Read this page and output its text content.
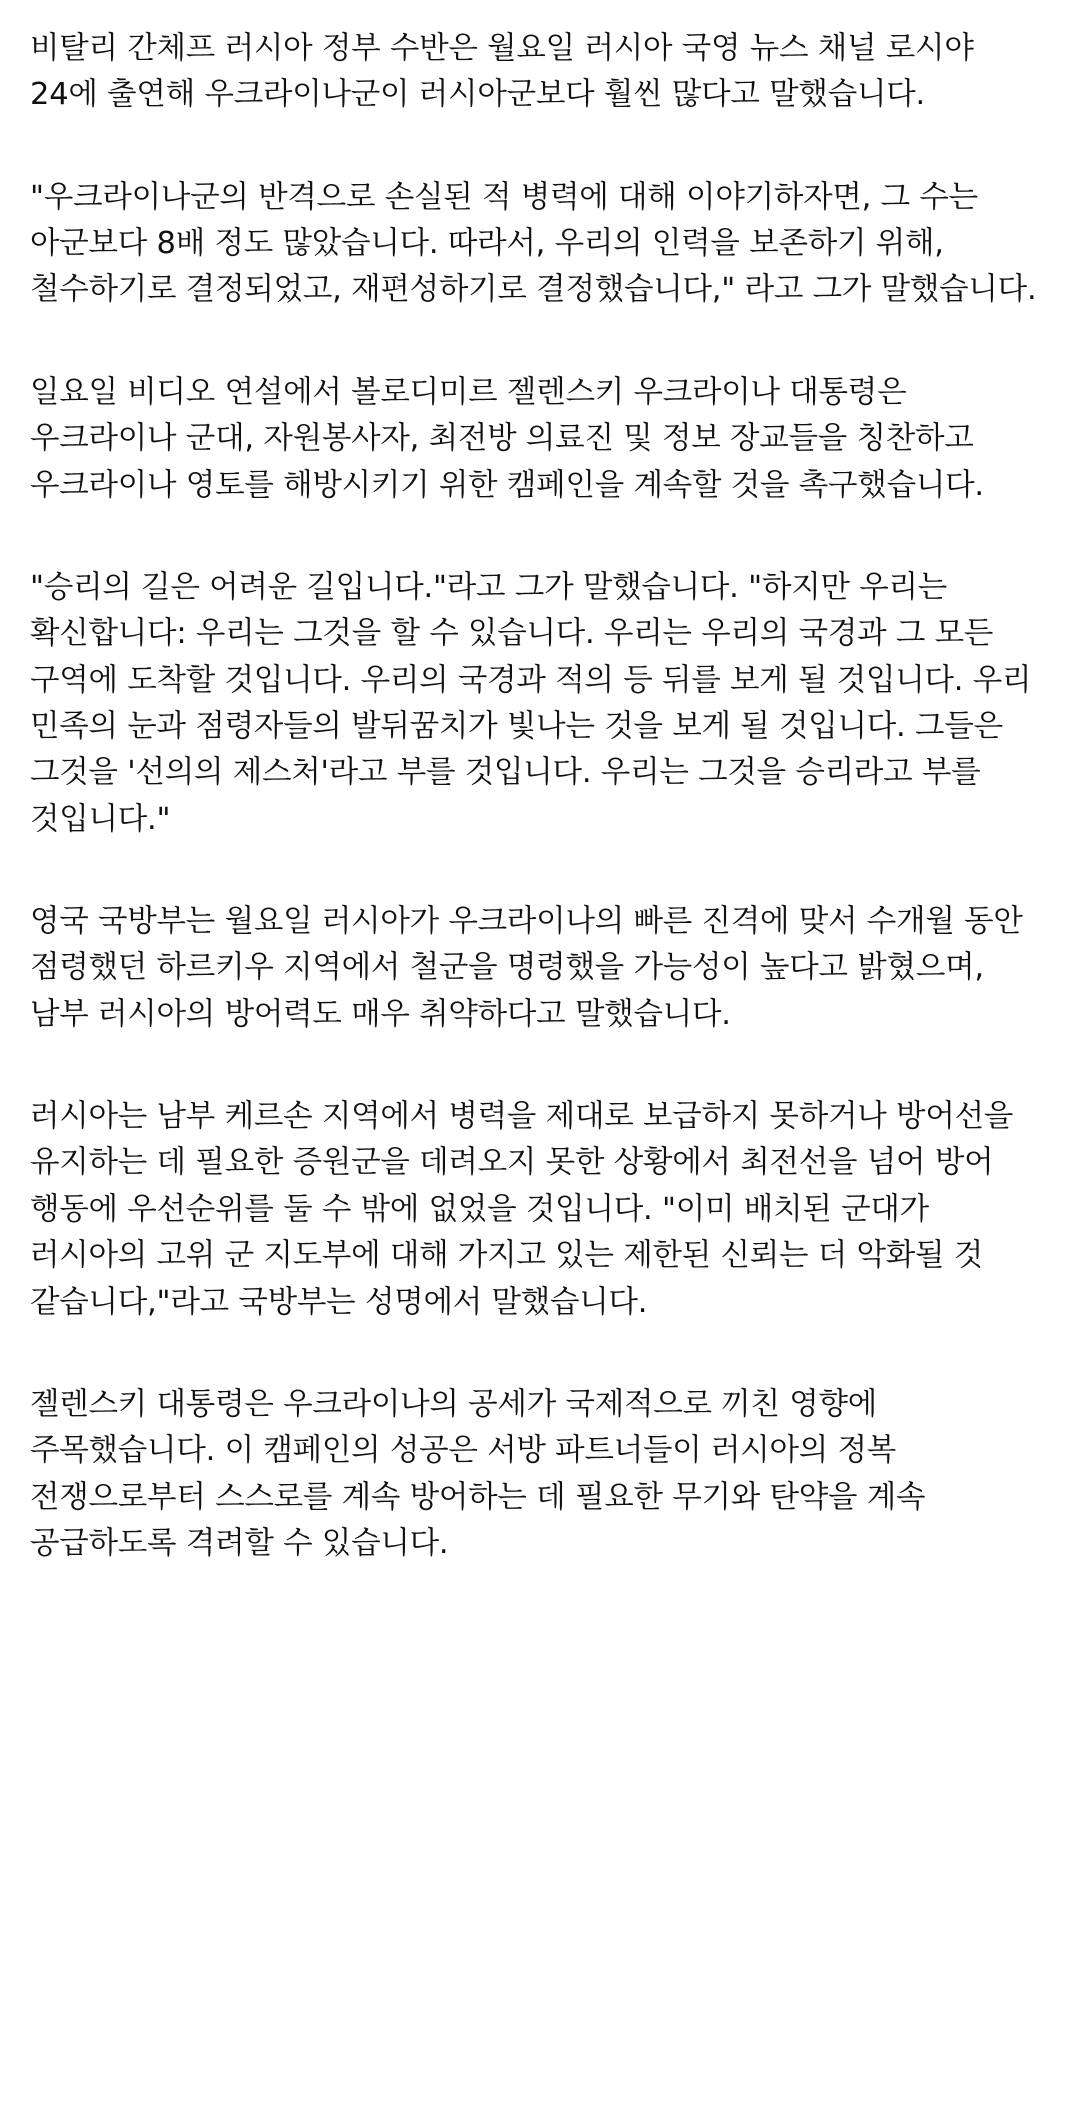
비탈리 간체프 러시아 정부 수반은 월요일 러시아 국영 뉴스 채널 로시야 24에 출연해 우크라이나군이 러시아군보다 훨씬 많다고 말했습니다.

"우크라이나군의 반격으로 손실된 적 병력에 대해 이야기하자면, 그 수는 아군보다 8배 정도 많았습니다. 따라서, 우리의 인력을 보존하기 위해, 철수하기로 결정되었고, 재편성하기로 결정했습니다," 라고 그가 말했습니다.

일요일 비디오 연설에서 볼로디미르 젤렌스키 우크라이나 대통령은 우크라이나 군대, 자원봉사자, 최전방 의료진 및 정보 장교들을 칭찬하고 우크라이나 영토를 해방시키기 위한 캠페인을 계속할 것을 촉구했습니다.

"승리의 길은 어려운 길입니다."라고 그가 말했습니다. "하지만 우리는 확신합니다: 우리는 그것을 할 수 있습니다. 우리는 우리의 국경과 그 모든 구역에 도착할 것입니다. 우리의 국경과 적의 등 뒤를 보게 될 것입니다. 우리 민족의 눈과 점령자들의 발뒤꿈치가 빛나는 것을 보게 될 것입니다. 그들은 그것을 '선의의 제스처'라고 부를 것입니다. 우리는 그것을 승리라고 부를 것입니다."

영국 국방부는 월요일 러시아가 우크라이나의 빠른 진격에 맞서 수개월 동안 점령했던 하르키우 지역에서 철군을 명령했을 가능성이 높다고 밝혔으며, 남부 러시아의 방어력도 매우 취약하다고 말했습니다.

러시아는 남부 케르손 지역에서 병력을 제대로 보급하지 못하거나 방어선을 유지하는 데 필요한 증원군을 데려오지 못한 상황에서 최전선을 넘어 방어 행동에 우선순위를 둘 수 밖에 없었을 것입니다. "이미 배치된 군대가 러시아의 고위 군 지도부에 대해 가지고 있는 제한된 신뢰는 더 악화될 것 같습니다,"라고 국방부는 성명에서 말했습니다.

젤렌스키 대통령은 우크라이나의 공세가 국제적으로 끼친 영향에 주목했습니다. 이 캠페인의 성공은 서방 파트너들이 러시아의 정복 전쟁으로부터 스스로를 계속 방어하는 데 필요한 무기와 탄약을 계속 공급하도록 격려할 수 있습니다.
